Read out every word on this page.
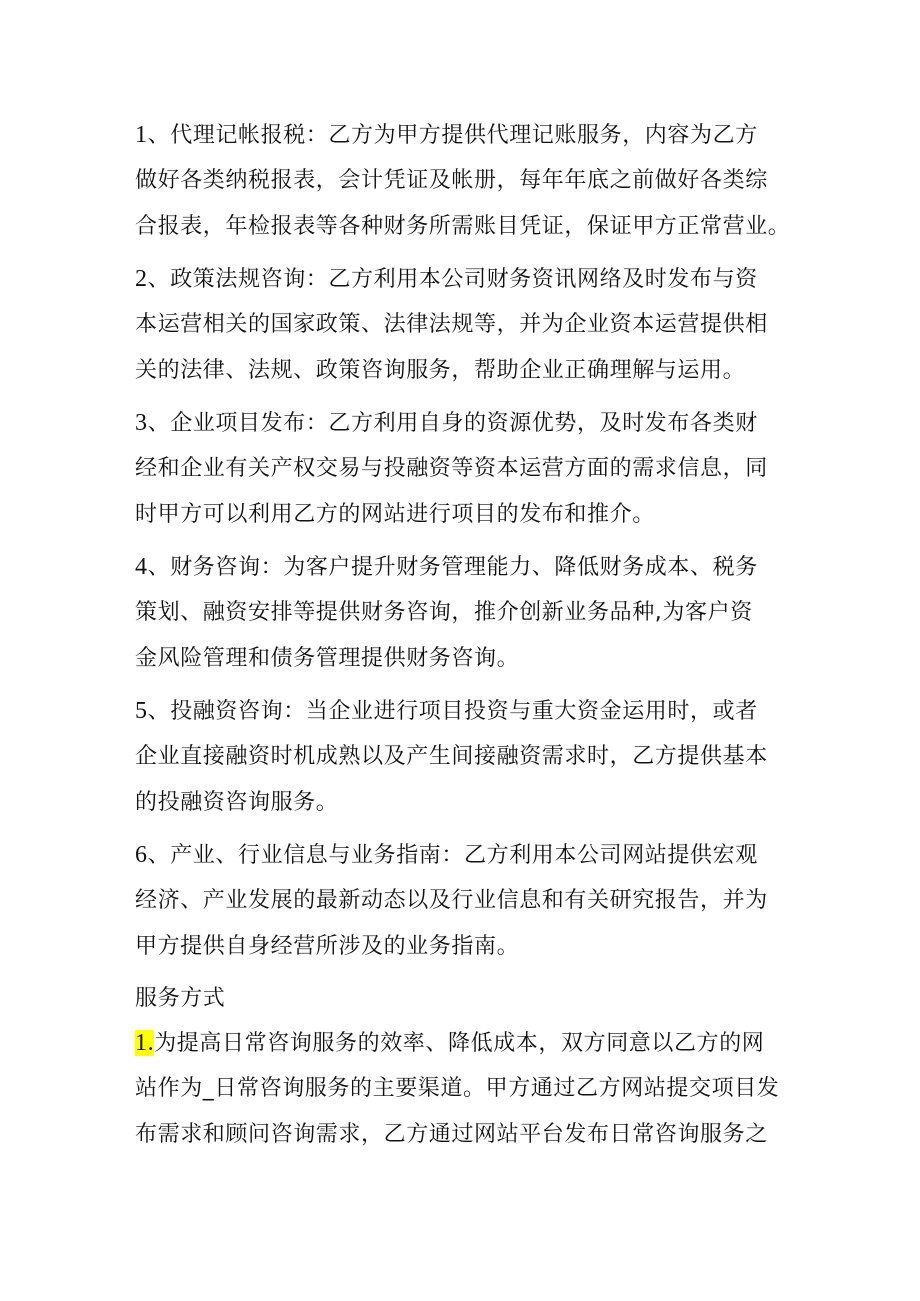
1、代理记帐报税：乙方为甲方提供代理记账服务，内容为乙方
做好各类纳税报表，会计凭证及帐册，每年年底之前做好各类综
合报表，年检报表等各种财务所需账目凭证，保证甲方正常营业。
2、政策法规咨询：乙方利用本公司财务资讯网络及时发布与资
本运营相关的国家政策、法律法规等，并为企业资本运营提供相
关的法律、法规、政策咨询服务，帮助企业正确理解与运用。
3、企业项目发布：乙方利用自身的资源优势，及时发布各类财
经和企业有关产权交易与投融资等资本运营方面的需求信息，同
时甲方可以利用乙方的网站进行项目的发布和推介。
4、财务咨询：为客户提升财务管理能力、降低财务成本、税务
策划、融资安排等提供财务咨询，推介创新业务品种,为客户资
金风险管理和债务管理提供财务咨询。
5、投融资咨询：当企业进行项目投资与重大资金运用时，或者
企业直接融资时机成熟以及产生间接融资需求时，乙方提供基本
的投融资咨询服务。
6、产业、行业信息与业务指南：乙方利用本公司网站提供宏观
经济、产业发展的最新动态以及行业信息和有关研究报告，并为
甲方提供自身经营所涉及的业务指南。
服务方式
1.为提高日常咨询服务的效率、降低成本，双方同意以乙方的网
站作为_日常咨询服务的主要渠道。甲方通过乙方网站提交项目发
布需求和顾问咨询需求，乙方通过网站平台发布日常咨询服务之
